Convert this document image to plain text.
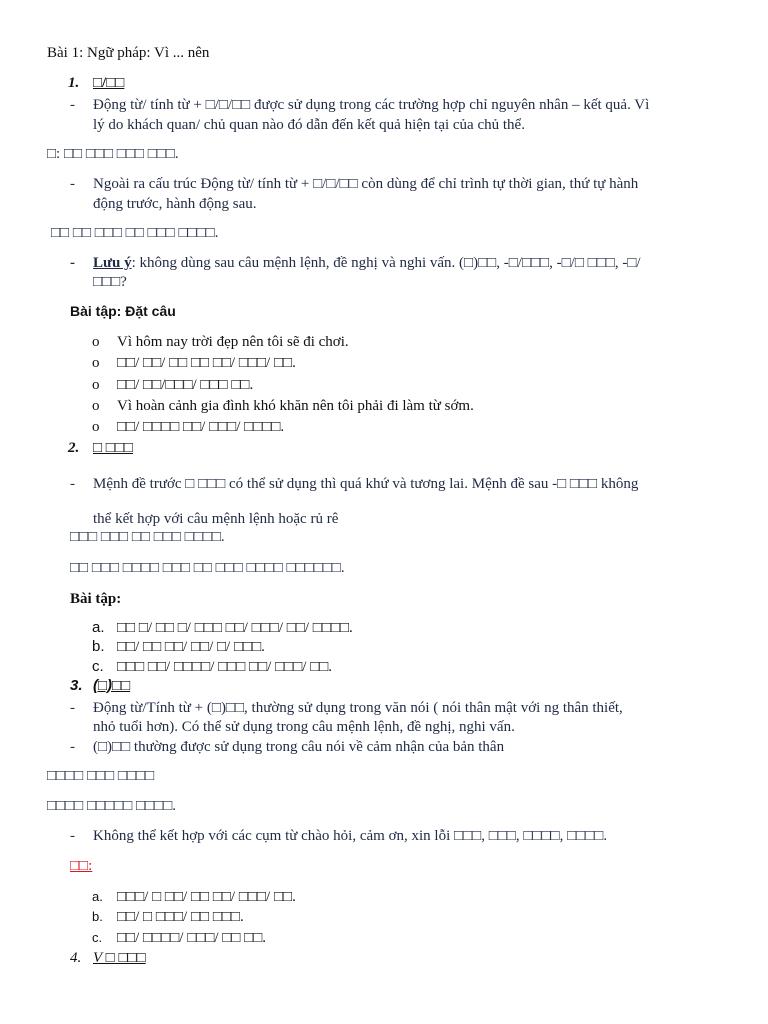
Bài 1: Ngữ pháp: Vì ... nên
1. □/□□
- Động từ/ tính từ + □/□/□□ được sử dụng trong các trường hợp chỉ nguyên nhân – kết quả. Vì
lý do khách quan/ chủ quan nào đó dẫn đến kết quả hiện tại của chủ thể.
□: □□ □□□ □□□ □□□.
- Ngoài ra cấu trúc Động từ/ tính từ + □/□/□□ còn dùng để chỉ trình tự thời gian, thứ tự hành
động trước, hành động sau.
□□ □□ □□□ □□ □□□ □□□□.
- Lưu ý: không dùng sau câu mệnh lệnh, đề nghị và nghi vấn. (□)□□, -□/□□□, -□/□ □□□, -□/
□□□?
Bài tập: Đặt câu
o Vì hôm nay trời đẹp nên tôi sẽ đi chơi.
o □□/ □□/ □□ □□ □□/ □□□/ □□.
o □□/ □□/□□□/ □□□ □□.
o Vì hoàn cảnh gia đình khó khăn nên tôi phải đi làm từ sớm.
o □□/ □□□□ □□/ □□□/ □□□□.
2. □ □□□
- Mệnh đề trước □ □□□ có thể sử dụng thì quá khứ và tương lai. Mệnh đề sau -□ □□□ không
thể kết hợp với câu mệnh lệnh hoặc rủ rê
□□□ □□□ □□ □□□ □□□□.
□□ □□□ □□□□ □□□ □□ □□□ □□□□ □□□□□□.
Bài tập:
a. □□ □/ □□ □/ □□□ □□/ □□□/ □□/ □□□□.
b. □□/ □□ □□/ □□/ □/ □□□.
c. □□□ □□/ □□□□/ □□□ □□/ □□□/ □□.
3. (□)□□
- Động từ/Tính từ + (□)□□, thường sử dụng trong văn nói ( nói thân mật với ng thân thiết,
nhỏ tuổi hơn). Có thể sử dụng trong câu mệnh lệnh, đề nghị, nghi vấn.
- (□)□□ thường được sử dụng trong câu nói về cảm nhận của bản thân
□□□□ □□□ □□□□
□□□□ □□□□□ □□□□.
- Không thể kết hợp với các cụm từ chào hỏi, cảm ơn, xin lỗi □□□, □□□, □□□□, □□□□.
□□:
a. □□□/ □ □□/ □□ □□/ □□□/ □□.
b. □□/ □ □□□/ □□ □□□.
c. □□/ □□□□/ □□□/ □□ □□.
4. V □ □□□
